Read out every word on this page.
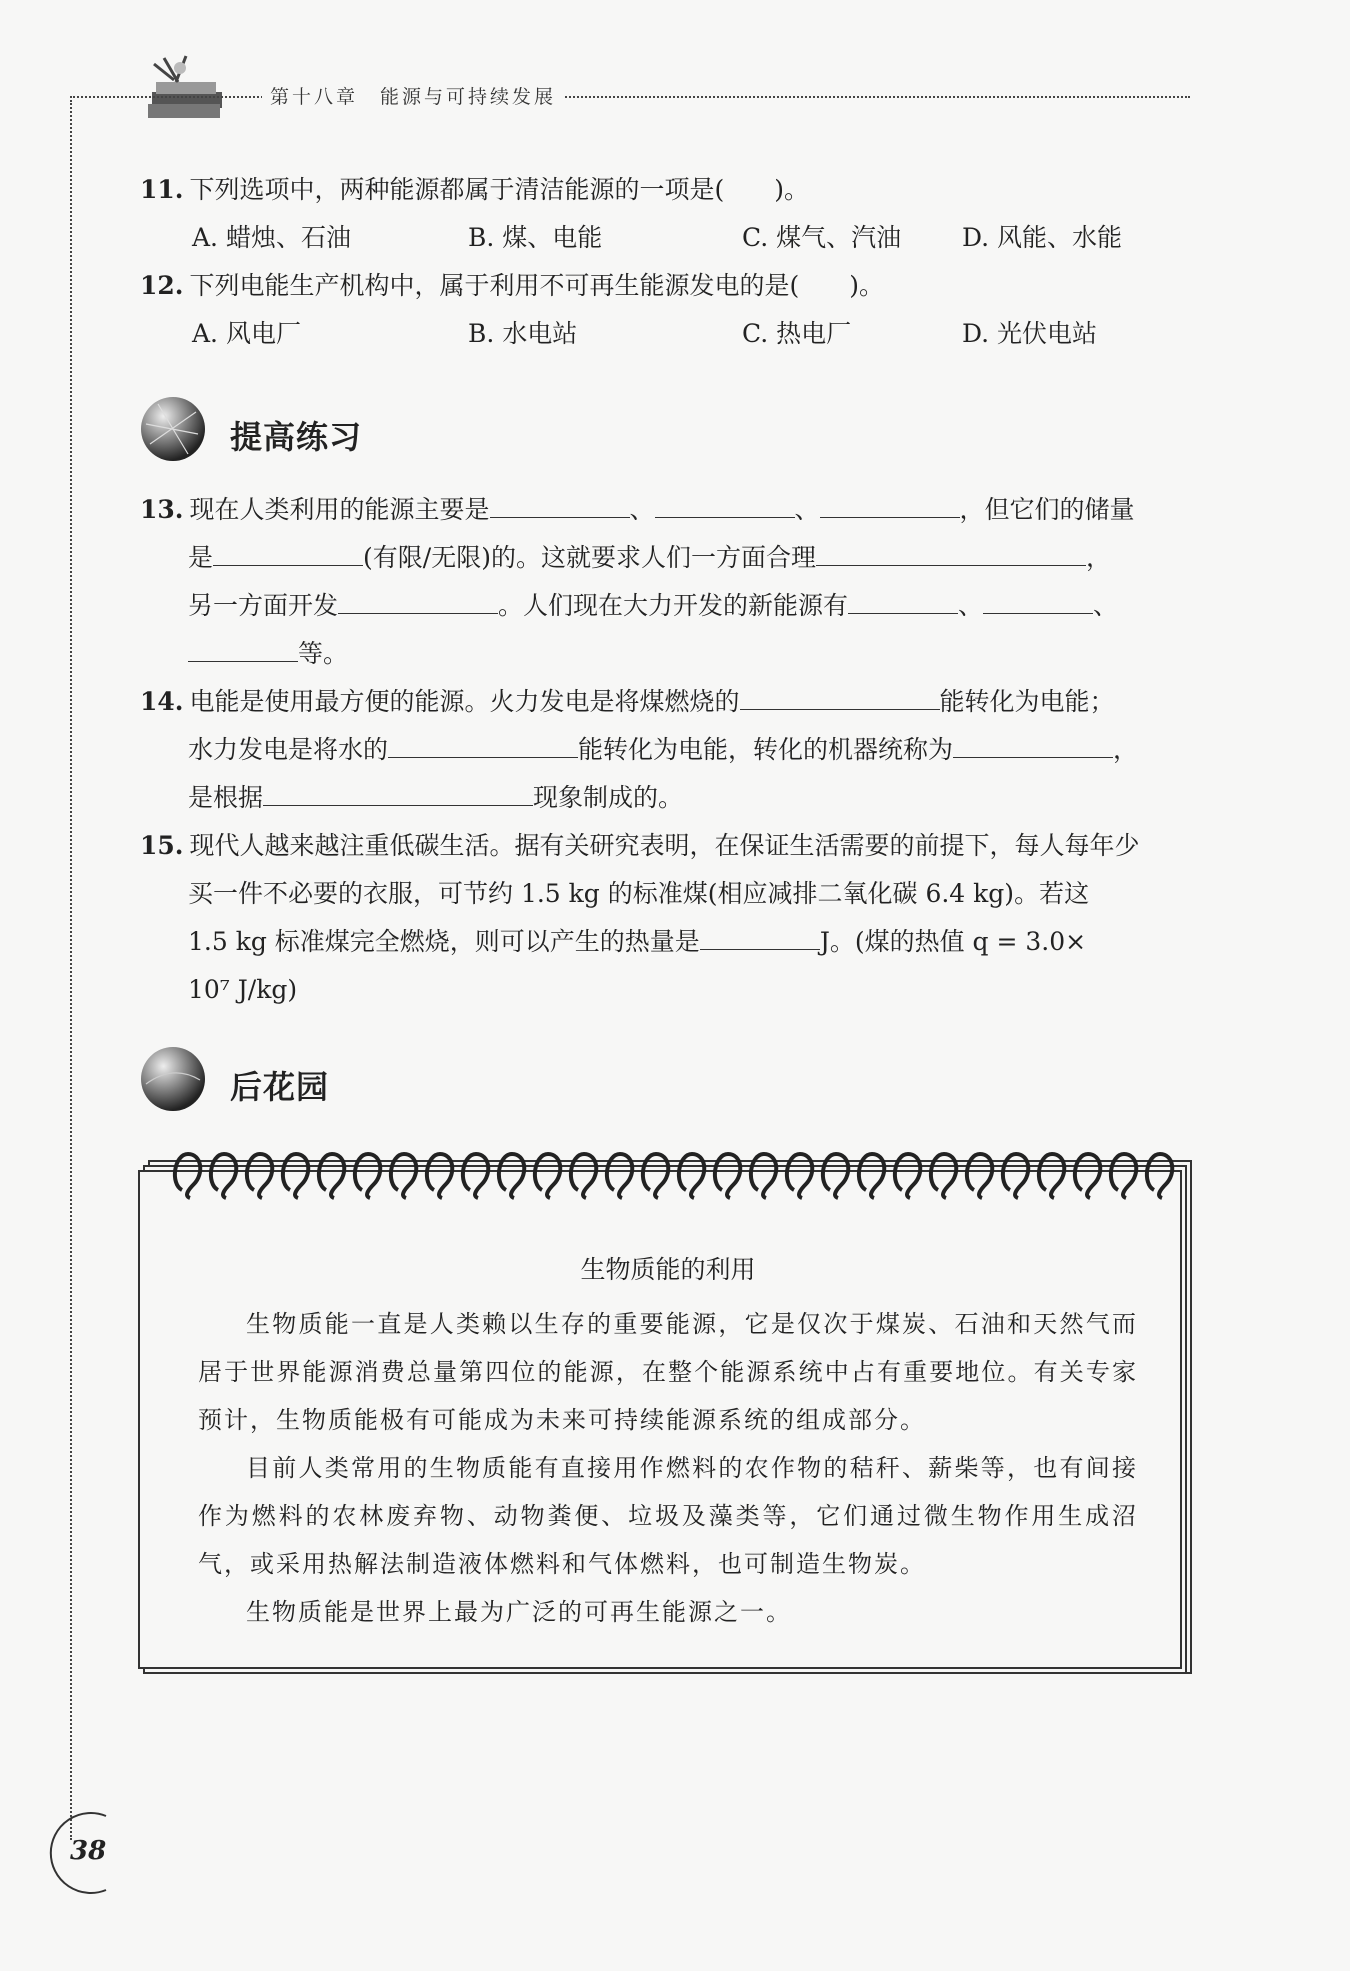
第十八章　能源与可持续发展
11. 下列选项中，两种能源都属于清洁能源的一项是(　　)。
A. 蜡烛、石油	B. 煤、电能	C. 煤气、汽油 D. 风能、水能
12. 下列电能生产机构中，属于利用不可再生能源发电的是(　　)。
A. 风电厂	B. 水电站	C. 热电厂	D. 光伏电站
提高练习
13. 现在人类利用的能源主要是	、	、	，但它们的储量
是	(有限/无限)的。这就要求人们一方面合理	，
另一方面开发	。人们现在大力开发的新能源有	、	、
等。
14. 电能是使用最方便的能源。火力发电是将煤燃烧的	能转化为电能；
水力发电是将水的	能转化为电能，转化的机器统称为	，
是根据	现象制成的。
15. 现代人越来越注重低碳生活。据有关研究表明，在保证生活需要的前提下，每人每年少
买一件不必要的衣服，可节约 1.5 kg 的标准煤(相应减排二氧化碳 6.4 kg)。若这
1.5 kg 标准煤完全燃烧，则可以产生的热量是	J。(煤的热值 q = 3.0×
10⁷ J/kg)
后花园
生物质能的利用

生物质能一直是人类赖以生存的重要能源，它是仅次于煤炭、石油和天然气而居于世界能源消费总量第四位的能源，在整个能源系统中占有重要地位。有关专家预计，生物质能极有可能成为未来可持续能源系统的组成部分。

目前人类常用的生物质能有直接用作燃料的农作物的秸秆、薪柴等，也有间接作为燃料的农林废弃物、动物粪便、垃圾及藻类等，它们通过微生物作用生成沼气，或采用热解法制造液体燃料和气体燃料，也可制造生物炭。

生物质能是世界上最为广泛的可再生能源之一。

38
